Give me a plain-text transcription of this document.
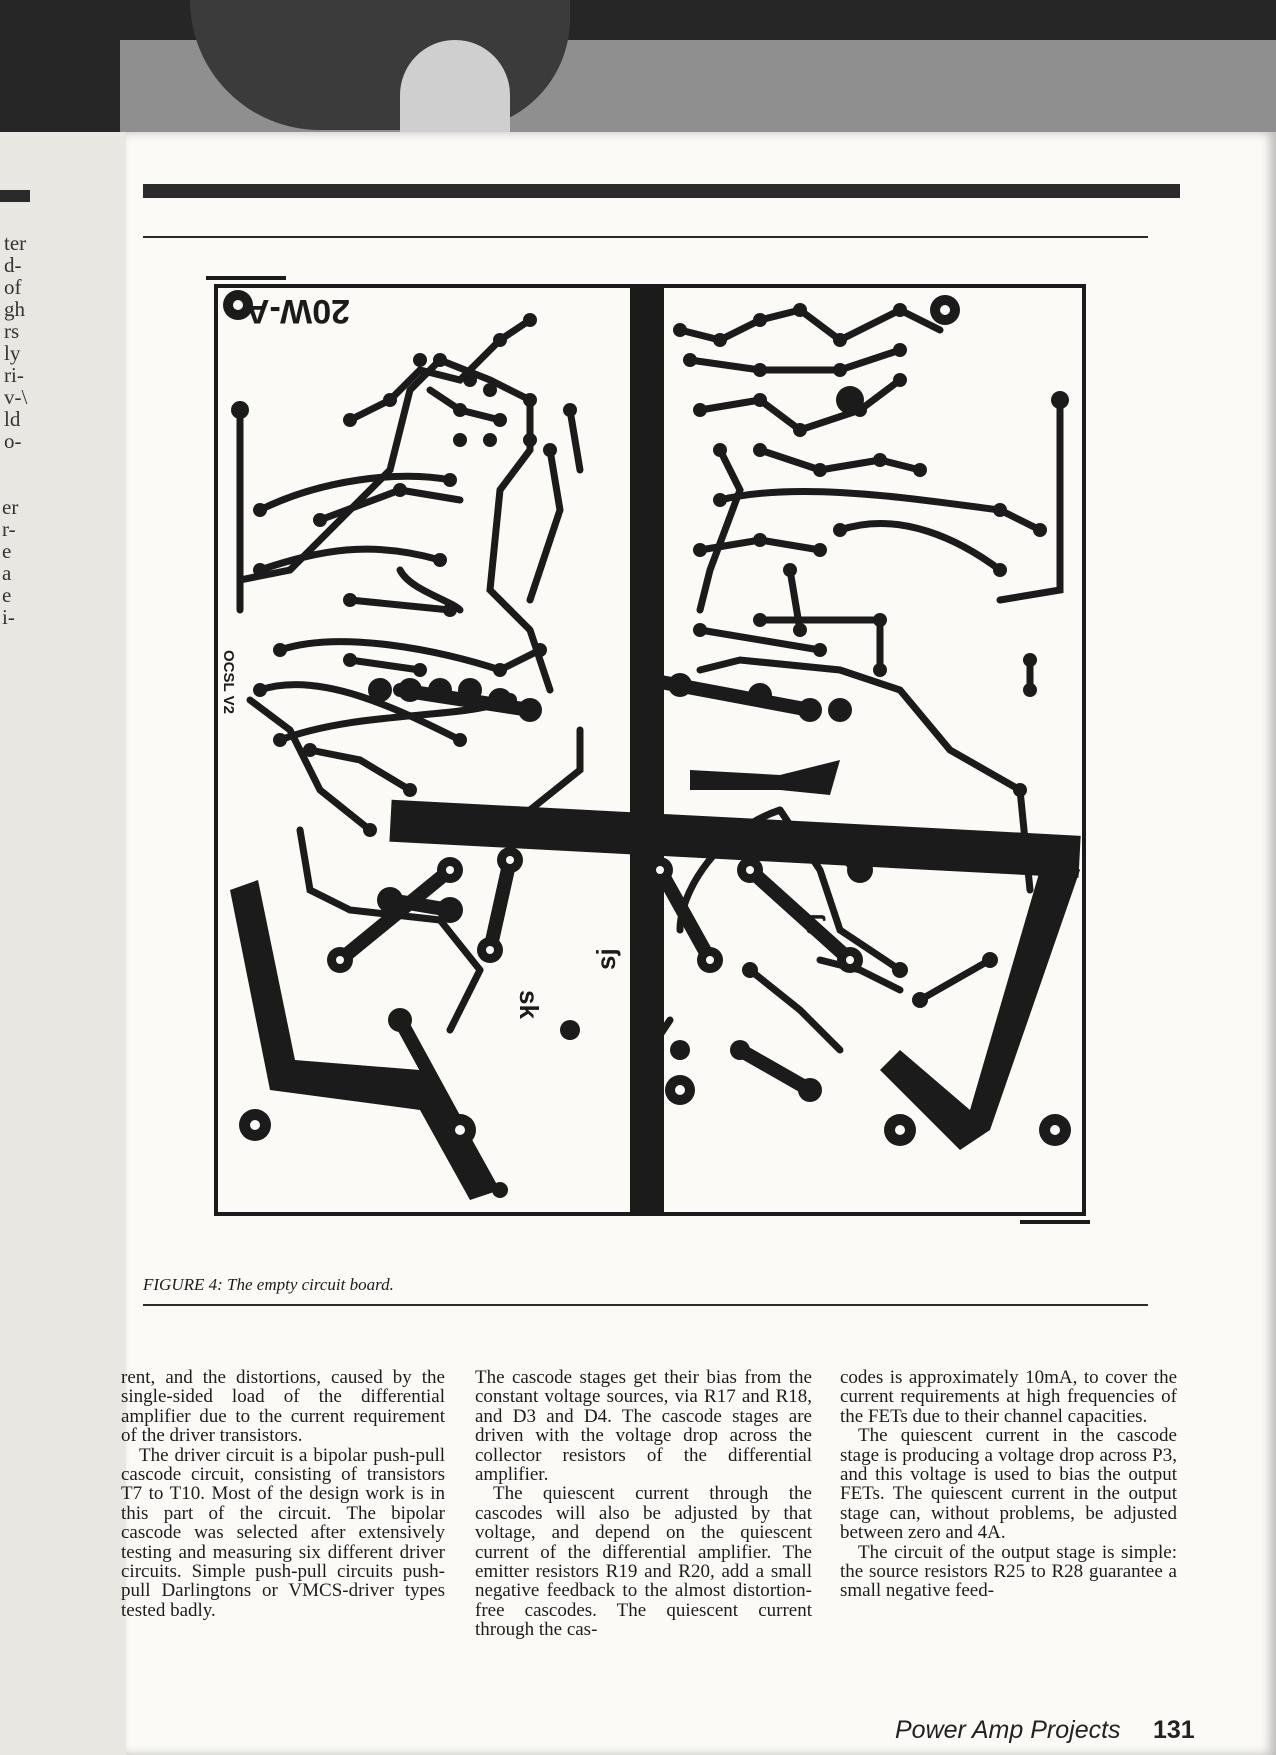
ter
d-
of
gh
rs
ly
ri-
v-\
ld
o-
er
r-
e
a
e
i-
20W-A
OCSL V2
sk	sk
sj
sj
FIGURE 4: The empty circuit board.

rent, and the distortions, caused by the single-sided load of the differential amplifier due to the current requirement of the driver transistors.

The driver circuit is a bipolar push-pull cascode circuit, consisting of transistors T7 to T10. Most of the design work is in this part of the circuit. The bipolar cascode was selected after extensively testing and measuring six different driver circuits. Simple push-pull circuits push-pull Darlingtons or VMCS-driver types tested badly.

The cascode stages get their bias from the constant voltage sources, via R17 and R18, and D3 and D4. The cascode stages are driven with the voltage drop across the collector resistors of the differential amplifier.

The quiescent current through the cascodes will also be adjusted by that voltage, and depend on the quiescent current of the differential amplifier. The emitter resistors R19 and R20, add a small negative feedback to the almost distortion-free cascodes. The quiescent current through the cas-

codes is approximately 10mA, to cover the current requirements at high frequencies of the FETs due to their channel capacities.

The quiescent current in the cascode stage is producing a voltage drop across P3, and this voltage is used to bias the output FETs. The quiescent current in the output stage can, without problems, be adjusted between zero and 4A.

The circuit of the output stage is simple: the source resistors R25 to R28 guarantee a small negative feed-

Power Amp Projects 131
